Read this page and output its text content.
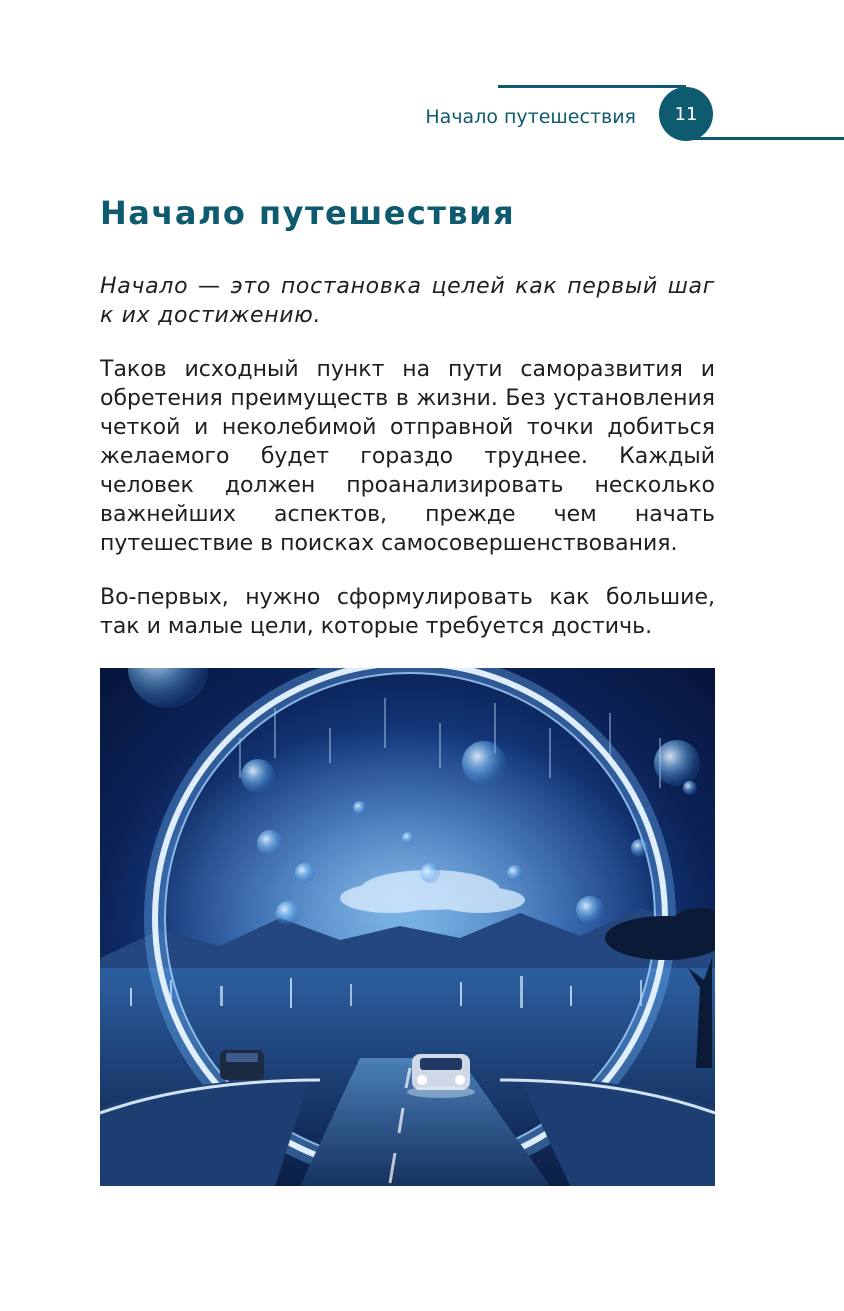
Начало путешествия	11
Начало путешествия
Начало — это постановка целей как первый шаг к их достижению.
Таков исходный пункт на пути саморазвития и обретения преимуществ в жизни. Без установления четкой и неколебимой отправной точки добиться желаемого будет гораздо труднее. Каждый человек должен проанализировать несколько важнейших аспектов, прежде чем начать путешествие в поисках самосовершенствования.
Во-первых, нужно сформулировать как большие, так и малые цели, которые требуется достичь.
